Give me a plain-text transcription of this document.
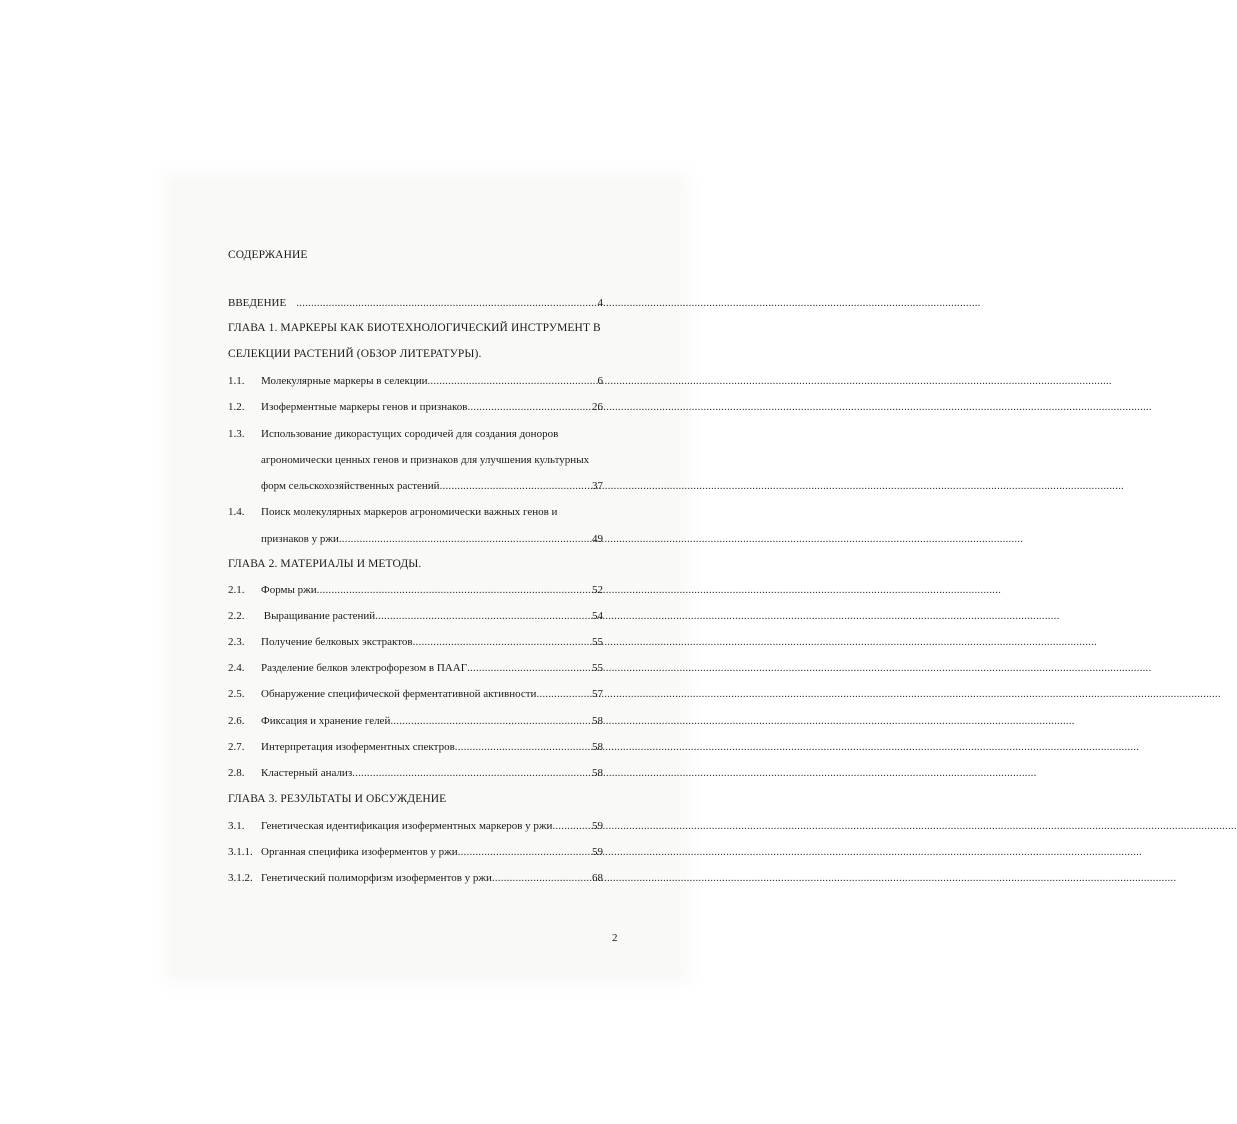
СОДЕРЖАНИЕ
ВВЕДЕНИЕ .....	4
ГЛАВА 1. МАРКЕРЫ КАК БИОТЕХНОЛОГИЧЕСКИЙ ИНСТРУМЕНТ В
СЕЛЕКЦИИ РАСТЕНИЙ (ОБЗОР ЛИТЕРАТУРЫ).
1.1.	Молекулярные маркеры в селекции .....	6
1.2.	Изоферментные маркеры генов и признаков .....	26
1.3.	Использование дикорастущих сородичей для создания доноров
агрономически ценных генов и признаков для улучшения культурных
форм сельскохозяйственных растений .....	37
1.4.	Поиск молекулярных маркеров агрономически важных генов и
признаков у ржи .....	49
ГЛАВА 2. МАТЕРИАЛЫ И МЕТОДЫ.
2.1.	Формы ржи .....	52
2.2.	Выращивание растений .....	54
2.3.	Получение белковых экстрактов .....	55
2.4.	Разделение белков электрофорезом в ПААГ .....	55
2.5.	Обнаружение специфической ферментативной активности .....	57
2.6.	Фиксация и хранение гелей .....	58
2.7.	Интерпретация изоферментных спектров .....	58
2.8.	Кластерный анализ .....	58
ГЛАВА 3. РЕЗУЛЬТАТЫ И ОБСУЖДЕНИЕ
3.1.	Генетическая идентификация изоферментных маркеров у ржи .....	59
3.1.1. Органная специфика изоферментов у ржи .....	59
3.1.2. Генетический полиморфизм изоферментов у ржи .....	68
2
